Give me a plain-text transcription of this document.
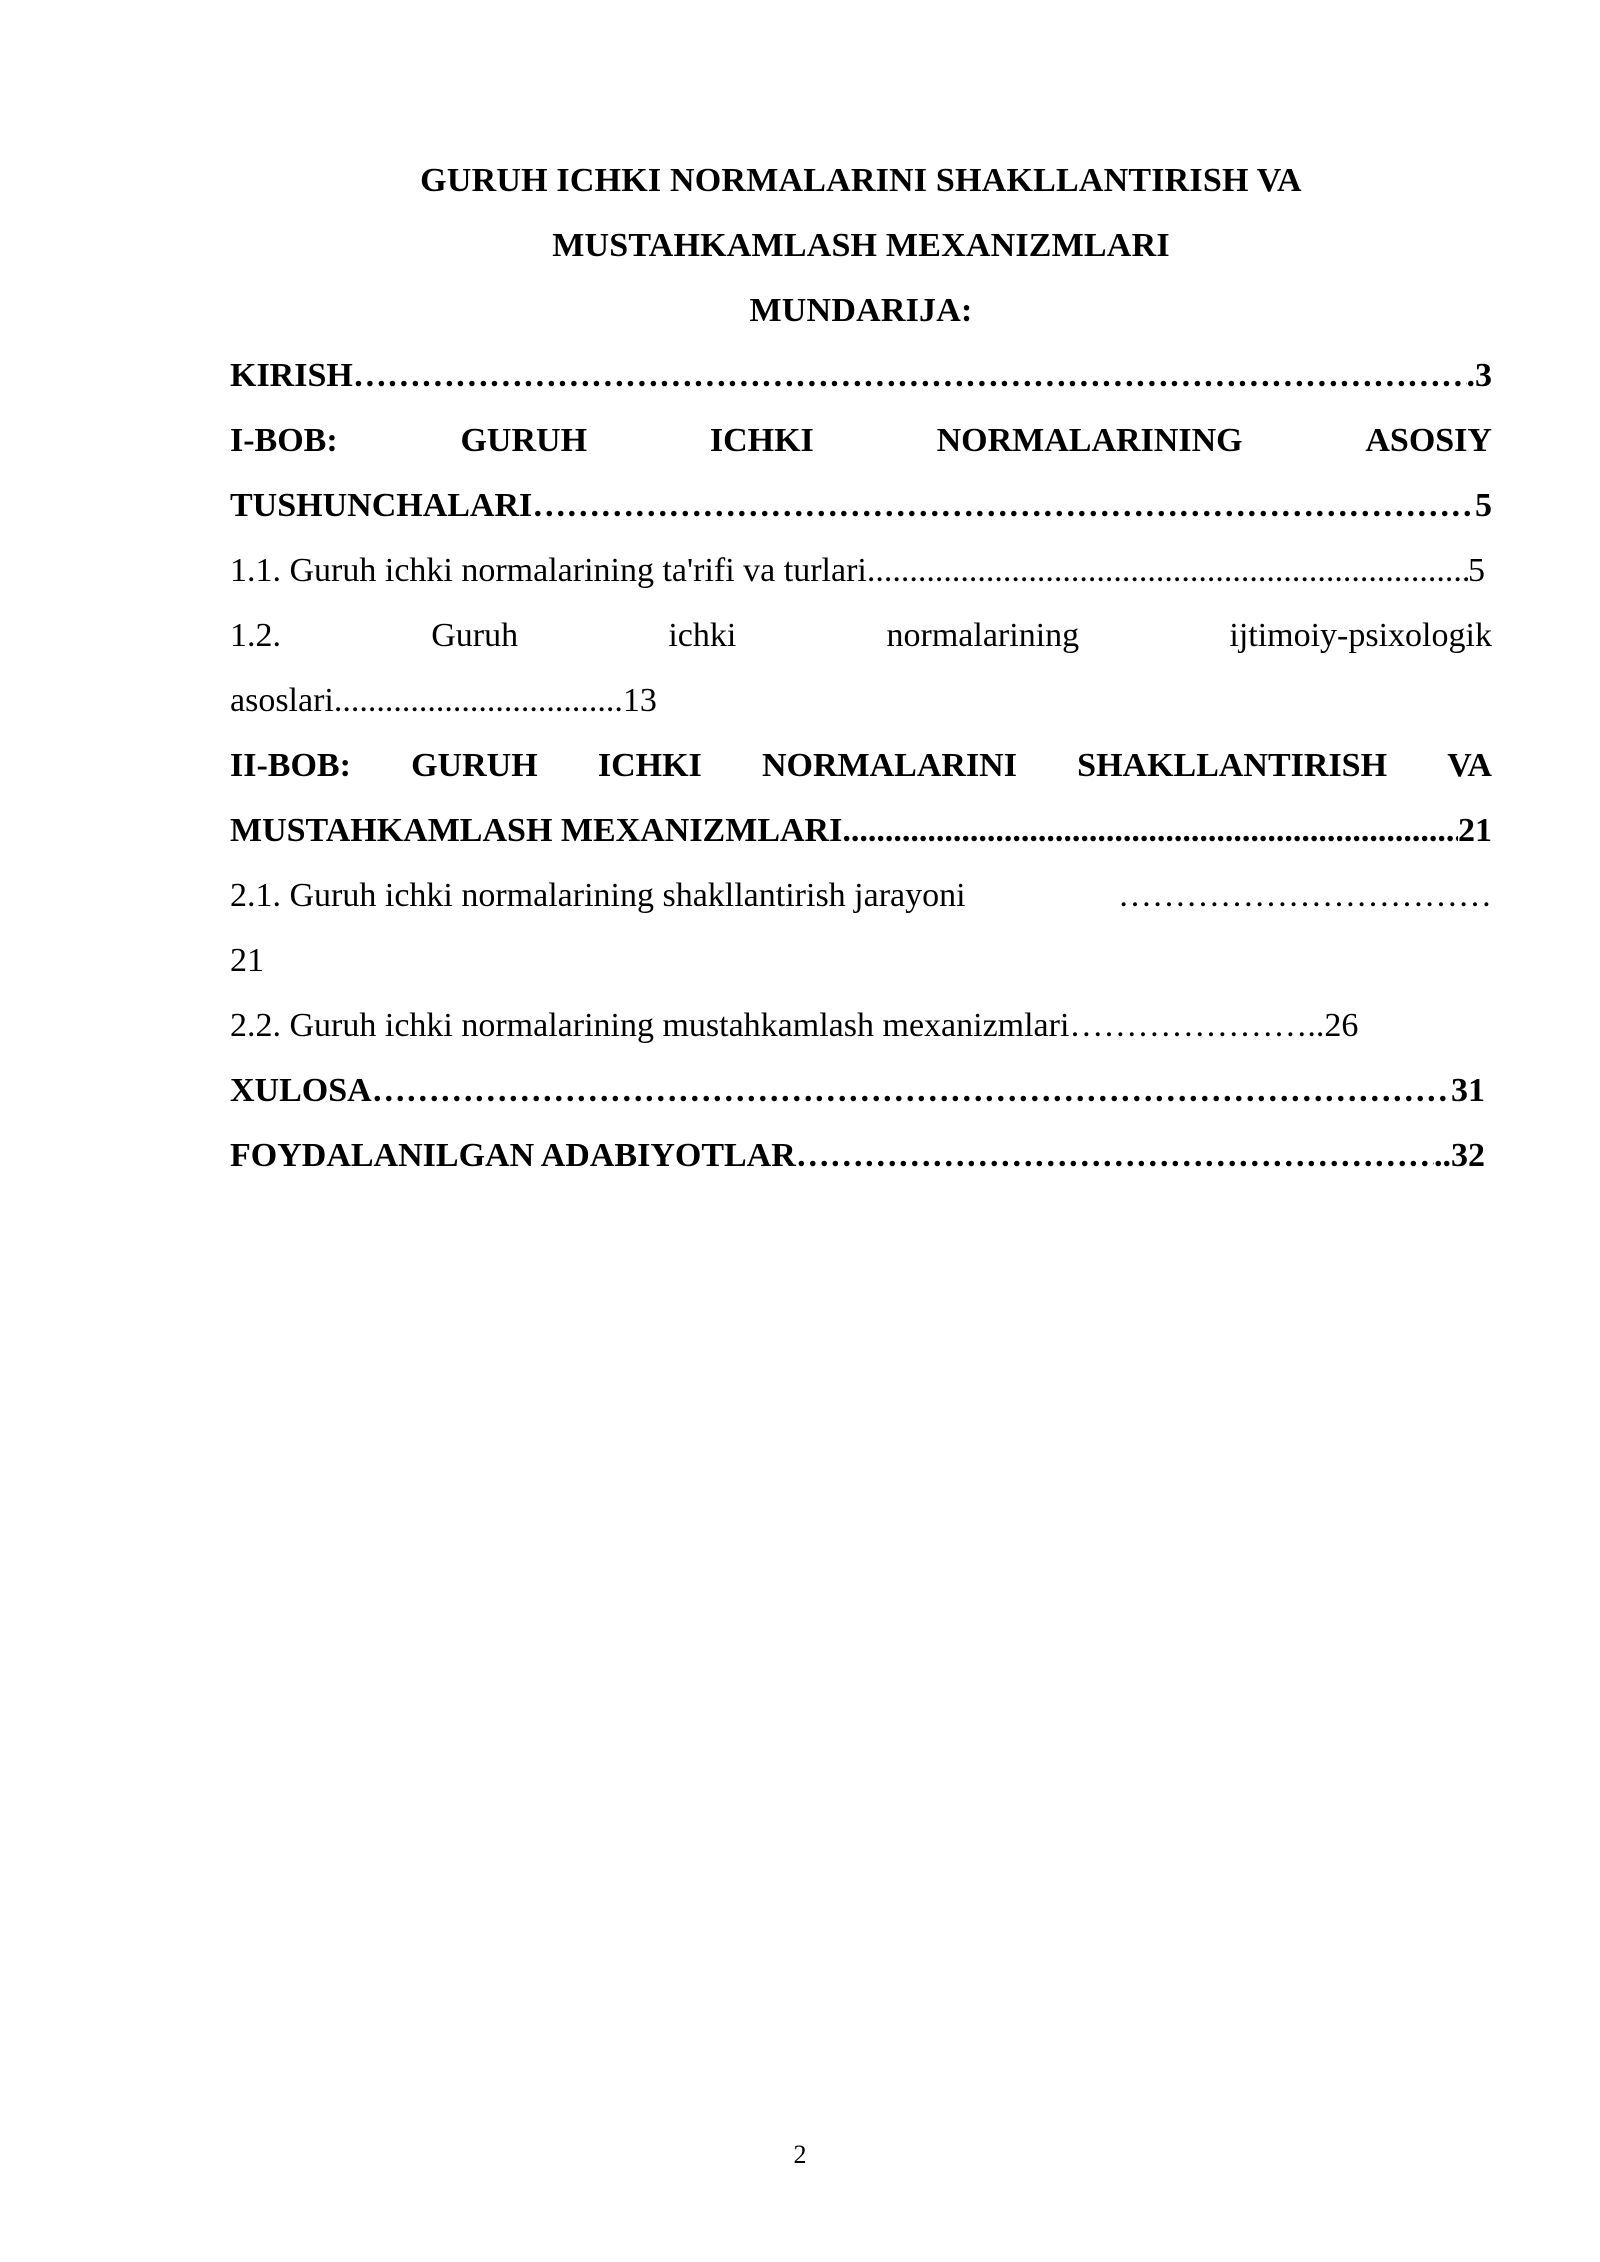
GURUH ICHKI NORMALARINI SHAKLLANTIRISH VA
MUSTAHKAMLASH MEXANIZMLARI
MUNDARIJA:
KIRISH …………………………………………………………………………………………………………………………………………………………………………	.3
I-BOB:	GURUH	ICHKI	NORMALARINING	ASOSIY
TUSHUNCHALARI …………………………………………………………………………………………………………………………………………………………………………	5
1.1. Guruh ichki normalarining ta'rifi va turlari .....	5
1.2.	Guruh	ichki	normalarining	ijtimoiy-psixologik
asoslari..................................13
II-BOB: GURUH ICHKI NORMALARINI SHAKLLANTIRISH VA
MUSTAHKAMLASH MEXANIZMLARI .....	21
2.1. Guruh ichki normalarining shakllantirish jarayoni	……………………………
21
2.2. Guruh ichki normalarining mustahkamlash mexanizmlari…………………..26
XULOSA …………………………………………………………………………………………………………………………………………………………………………	31
FOYDALANILGAN ADABIYOTLAR …………………………………………………………………………………………………………………………………………………………………………	..32
2
